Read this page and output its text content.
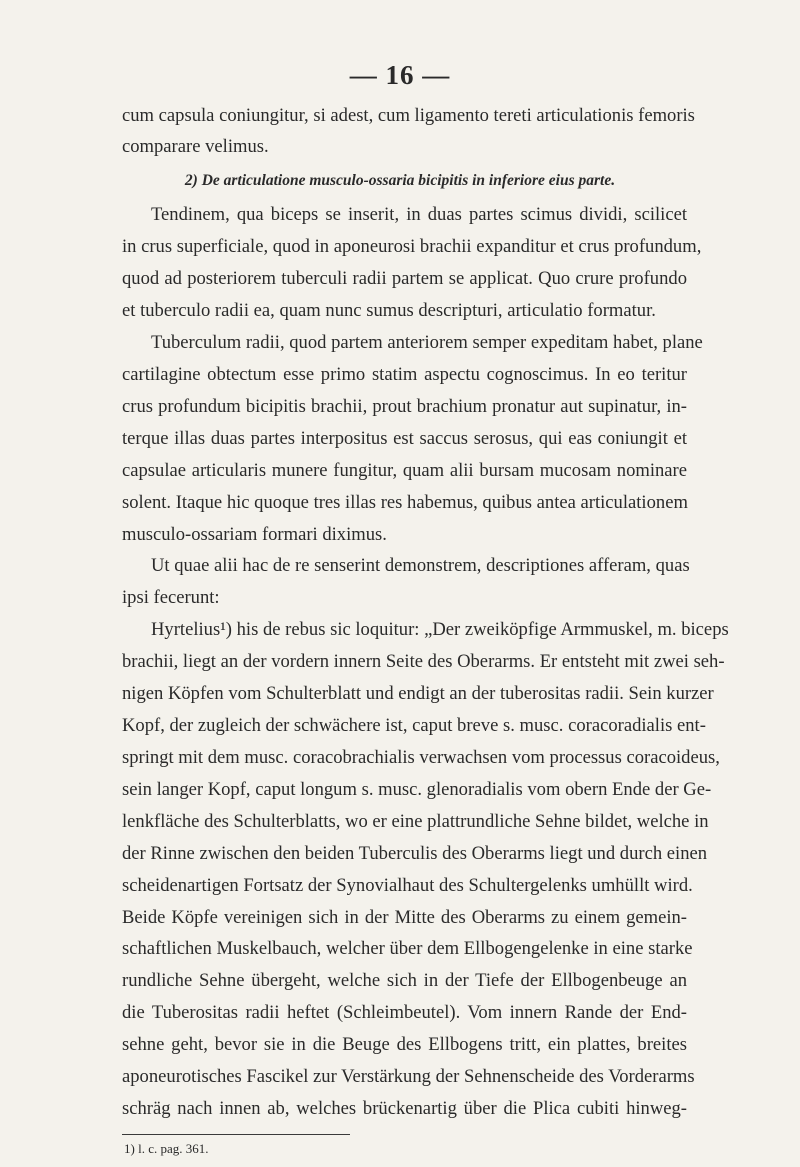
— 16 —
cum capsula coniungitur, si adest, cum ligamento tereti articulationis femoris
comparare velimus.
2) De articulatione musculo-ossaria bicipitis in inferiore eius parte.
Tendinem, qua biceps se inserit, in duas partes scimus dividi, scilicet
in crus superficiale, quod in aponeurosi brachii expanditur et crus profundum,
quod ad posteriorem tuberculi radii partem se applicat. Quo crure profundo
et tuberculo radii ea, quam nunc sumus descripturi, articulatio formatur.
Tuberculum radii, quod partem anteriorem semper expeditam habet, plane
cartilagine obtectum esse primo statim aspectu cognoscimus. In eo teritur
crus profundum bicipitis brachii, prout brachium pronatur aut supinatur, in-
terque illas duas partes interpositus est saccus serosus, qui eas coniungit et
capsulae articularis munere fungitur, quam alii bursam mucosam nominare
solent. Itaque hic quoque tres illas res habemus, quibus antea articulationem
musculo-ossariam formari diximus.
Ut quae alii hac de re senserint demonstrem, descriptiones afferam, quas
ipsi fecerunt:
Hyrtelius¹) his de rebus sic loquitur: „Der zweiköpfige Armmuskel, m. biceps
brachii, liegt an der vordern innern Seite des Oberarms. Er entsteht mit zwei seh-
nigen Köpfen vom Schulterblatt und endigt an der tuberositas radii. Sein kurzer
Kopf, der zugleich der schwächere ist, caput breve s. musc. coracoradialis ent-
springt mit dem musc. coracobrachialis verwachsen vom processus coracoideus,
sein langer Kopf, caput longum s. musc. glenoradialis vom obern Ende der Ge-
lenkfläche des Schulterblatts, wo er eine plattrundliche Sehne bildet, welche in
der Rinne zwischen den beiden Tuberculis des Oberarms liegt und durch einen
scheidenartigen Fortsatz der Synovialhaut des Schultergelenks umhüllt wird.
Beide Köpfe vereinigen sich in der Mitte des Oberarms zu einem gemein-
schaftlichen Muskelbauch, welcher über dem Ellbogengelenke in eine starke
rundliche Sehne übergeht, welche sich in der Tiefe der Ellbogenbeuge an
die Tuberositas radii heftet (Schleimbeutel). Vom innern Rande der End-
sehne geht, bevor sie in die Beuge des Ellbogens tritt, ein plattes, breites
aponeurotisches Fascikel zur Verstärkung der Sehnenscheide des Vorderarms
schräg nach innen ab, welches brückenartig über die Plica cubiti hinweg-
1) l. c. pag. 361.
